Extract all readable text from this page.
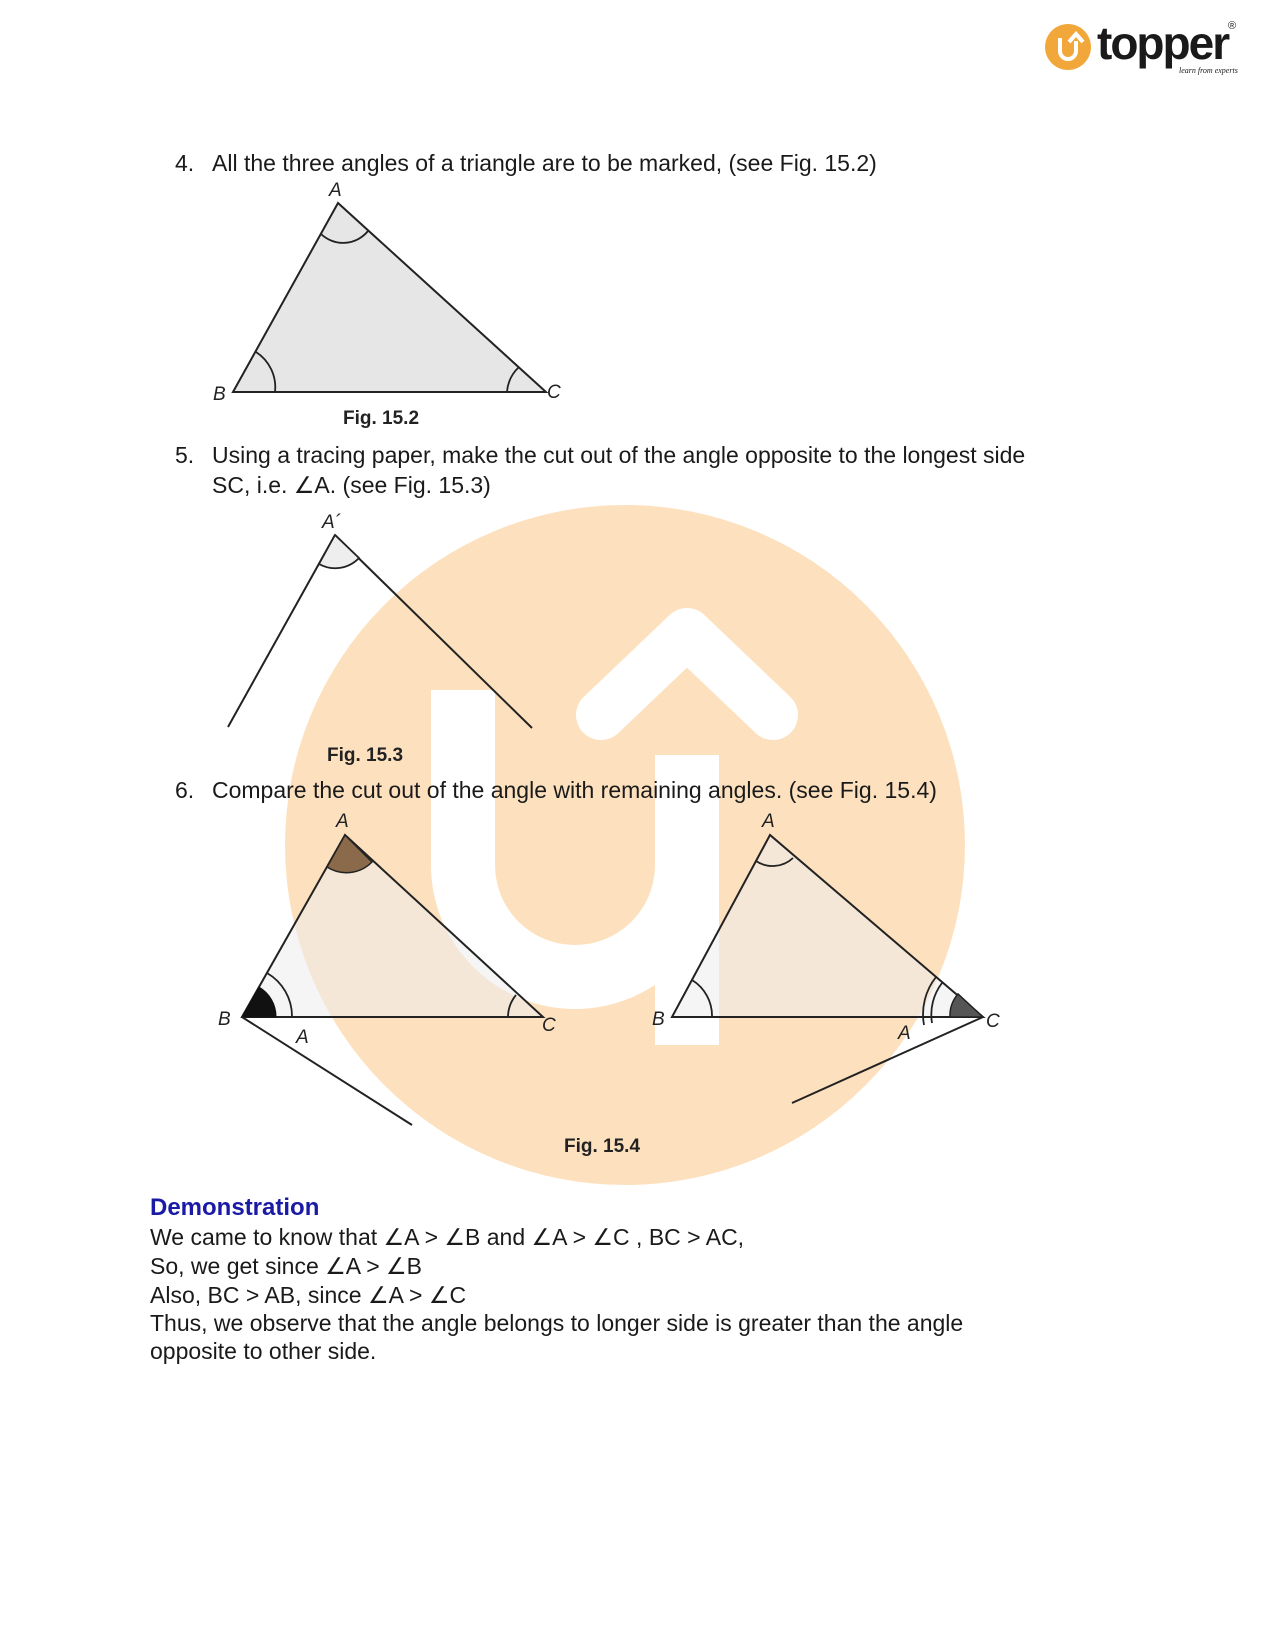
topper ®
learn from experts
4. All the three angles of a triangle are to be marked, (see Fig. 15.2)
A
B	C
Fig. 15.2
5. Using a tracing paper, make the cut out of the angle opposite to the longest side
SC, i.e. ∠A. (see Fig. 15.3)
A´
Fig. 15.3
6. Compare the cut out of the angle with remaining angles. (see Fig. 15.4)
A
B	C
A
A
B	C
A
Fig. 15.4
Demonstration
We came to know that ∠A > ∠B and ∠A > ∠C , BC > AC,
So, we get since ∠A > ∠B
Also, BC > AB, since ∠A > ∠C
Thus, we observe that the angle belongs to longer side is greater than the angle
opposite to other side.
